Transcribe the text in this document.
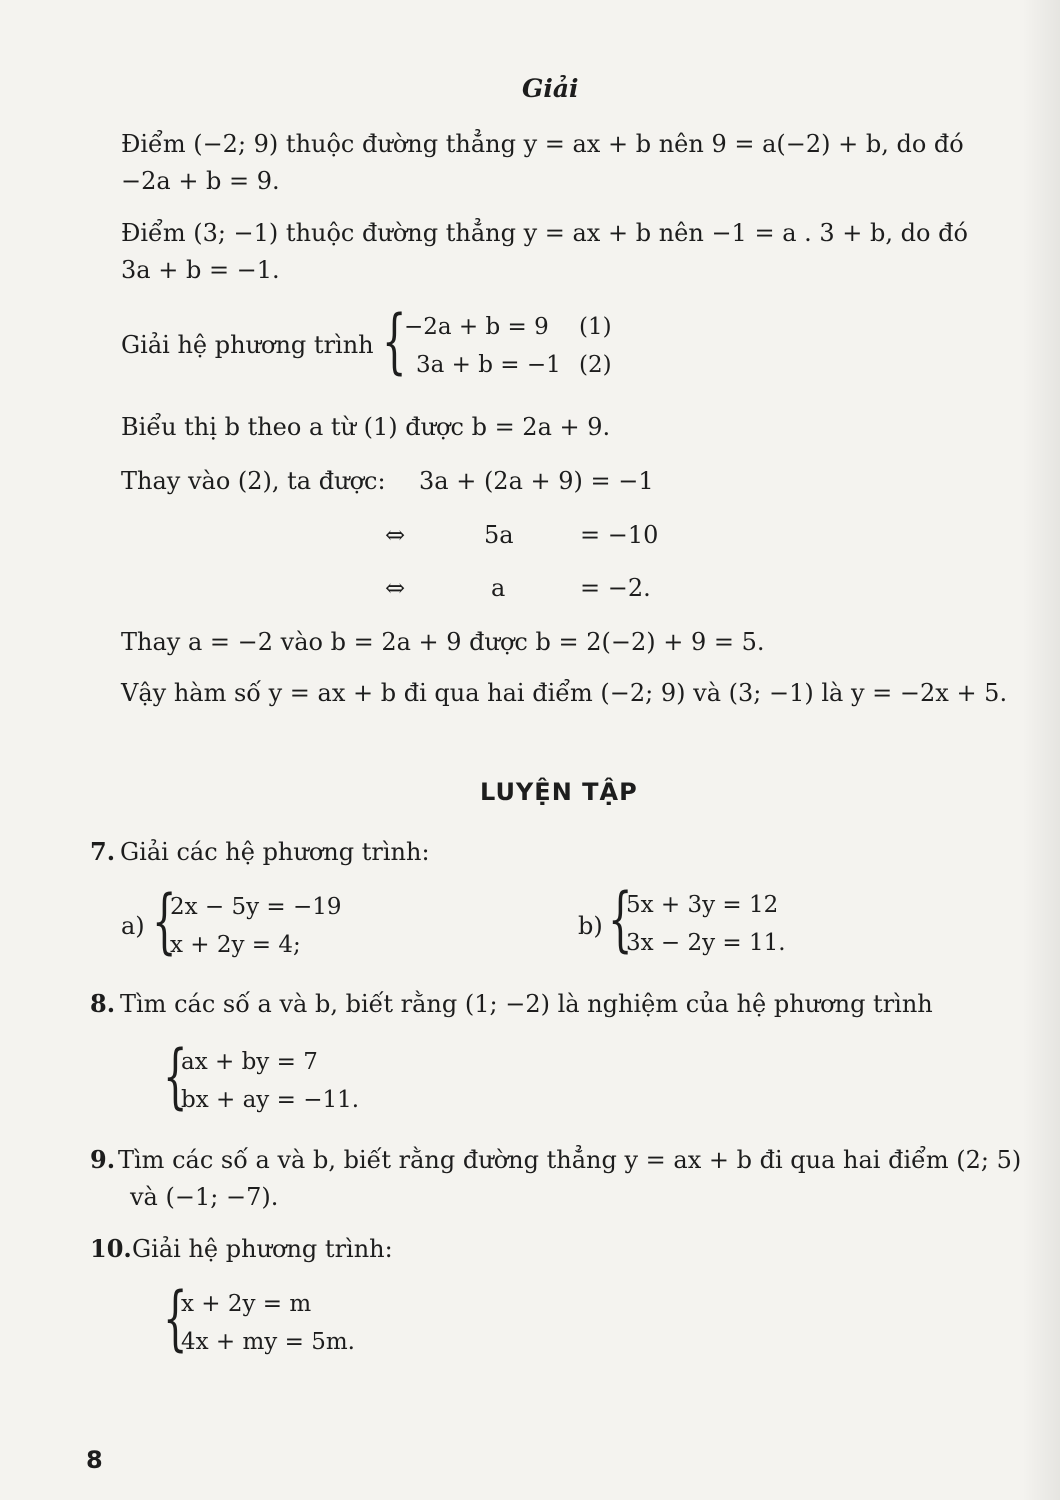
Giải
Điểm (−2; 9) thuộc đường thẳng y = ax + b nên 9 = a(−2) + b, do đó
−2a + b = 9.
Điểm (3; −1) thuộc đường thẳng y = ax + b nên −1 = a . 3 + b, do đó
3a + b = −1.
Giải hệ phương trình {
−2a + b = 9 (1)
3a + b = −1 (2)
Biểu thị b theo a từ (1) được b = 2a + 9.
Thay vào (2), ta được: 3a + (2a + 9) = −1
⇔	5a	= −10
⇔	a	= −2.
Thay a = −2 vào b = 2a + 9 được b = 2(−2) + 9 = 5.
Vậy hàm số y = ax + b đi qua hai điểm (−2; 9) và (3; −1) là y = −2x + 5.
LUYỆN TẬP
7. Giải các hệ phương trình:
a) {
2x − 5y = −19
x + 2y = 4;
b) {
5x + 3y = 12
3x − 2y = 11.
8. Tìm các số a và b, biết rằng (1; −2) là nghiệm của hệ phương trình
{
ax + by = 7
bx + ay = −11.
9. Tìm các số a và b, biết rằng đường thẳng y = ax + b đi qua hai điểm (2; 5)
và (−1; −7).
10. Giải hệ phương trình:
{
x + 2y = m
4x + my = 5m.
8
